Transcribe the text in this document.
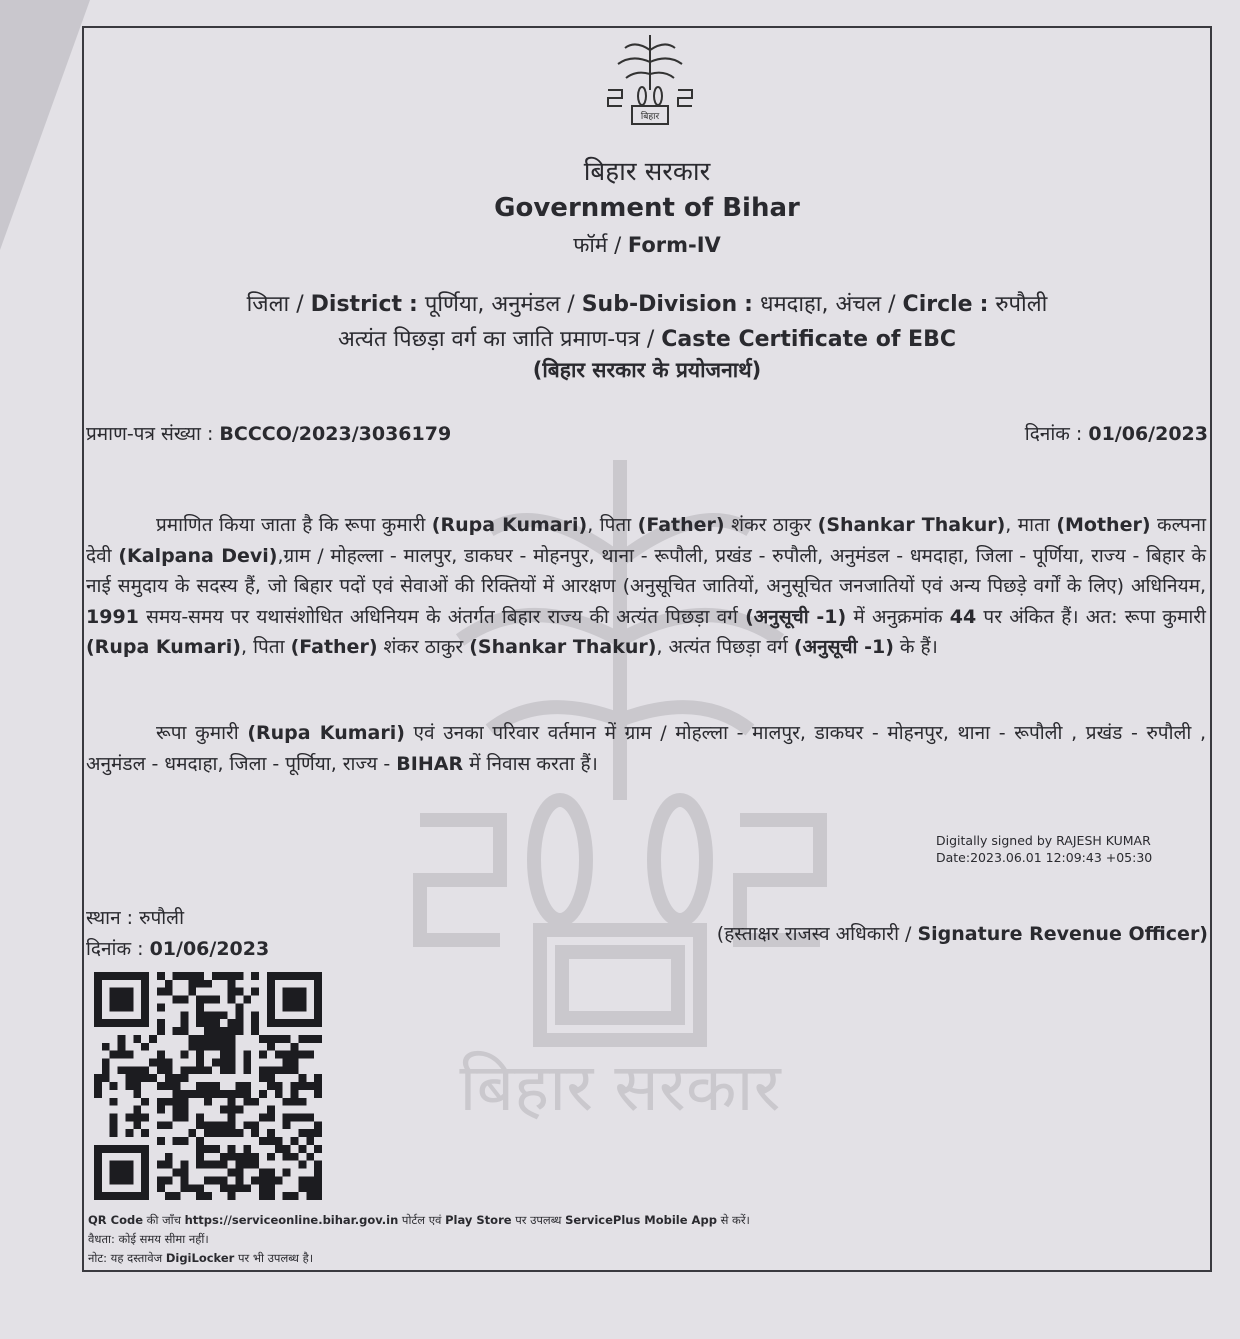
बिहार सरकार
बिहार
बिहार सरकार
Government of Bihar
फॉर्म / Form-IV
जिला / District : पूर्णिया, अनुमंडल / Sub-Division : धमदाहा, अंचल / Circle : रुपौली
अत्यंत पिछड़ा वर्ग का जाति प्रमाण-पत्र / Caste Certificate of EBC
(बिहार सरकार के प्रयोजनार्थ)
प्रमाण-पत्र संख्या : BCCCO/2023/3036179	दिनांक : 01/06/2023

प्रमाणित किया जाता है कि रूपा कुमारी (Rupa Kumari), पिता (Father) शंकर ठाकुर (Shankar Thakur), माता (Mother) कल्पना देवी (Kalpana Devi),ग्राम / मोहल्ला - मालपुर, डाकघर - मोहनपुर, थाना - रूपौली, प्रखंड - रुपौली, अनुमंडल - धमदाहा, जिला - पूर्णिया, राज्य - बिहार के नाई समुदाय के सदस्य हैं, जो बिहार पदों एवं सेवाओं की रिक्तियों में आरक्षण (अनुसूचित जातियों, अनुसूचित जनजातियों एवं अन्य पिछड़े वर्गों के लिए) अधिनियम, 1991 समय-समय पर यथासंशोधित अधिनियम के अंतर्गत बिहार राज्य की अत्यंत पिछड़ा वर्ग (अनुसूची -1) में अनुक्रमांक 44 पर अंकित हैं। अत: रूपा कुमारी (Rupa Kumari), पिता (Father) शंकर ठाकुर (Shankar Thakur), अत्यंत पिछड़ा वर्ग (अनुसूची -1) के हैं।

रूपा कुमारी (Rupa Kumari) एवं उनका परिवार वर्तमान में ग्राम / मोहल्ला - मालपुर, डाकघर - मोहनपुर, थाना - रूपौली , प्रखंड - रुपौली , अनुमंडल - धमदाहा, जिला - पूर्णिया, राज्य - BIHAR में निवास करता हैं।

Digitally signed by RAJESH KUMAR
Date:2023.06.01 12:09:43 +05:30
स्थान : रुपौली
दिनांक : 01/06/2023
(हस्ताक्षर राजस्व अधिकारी / Signature Revenue Officer)
QR Code की जाँच https://serviceonline.bihar.gov.in पोर्टल एवं Play Store पर उपलब्ध ServicePlus Mobile App से करें।
वैधता: कोई समय सीमा नहीं।
नोट: यह दस्तावेज DigiLocker पर भी उपलब्ध है।
